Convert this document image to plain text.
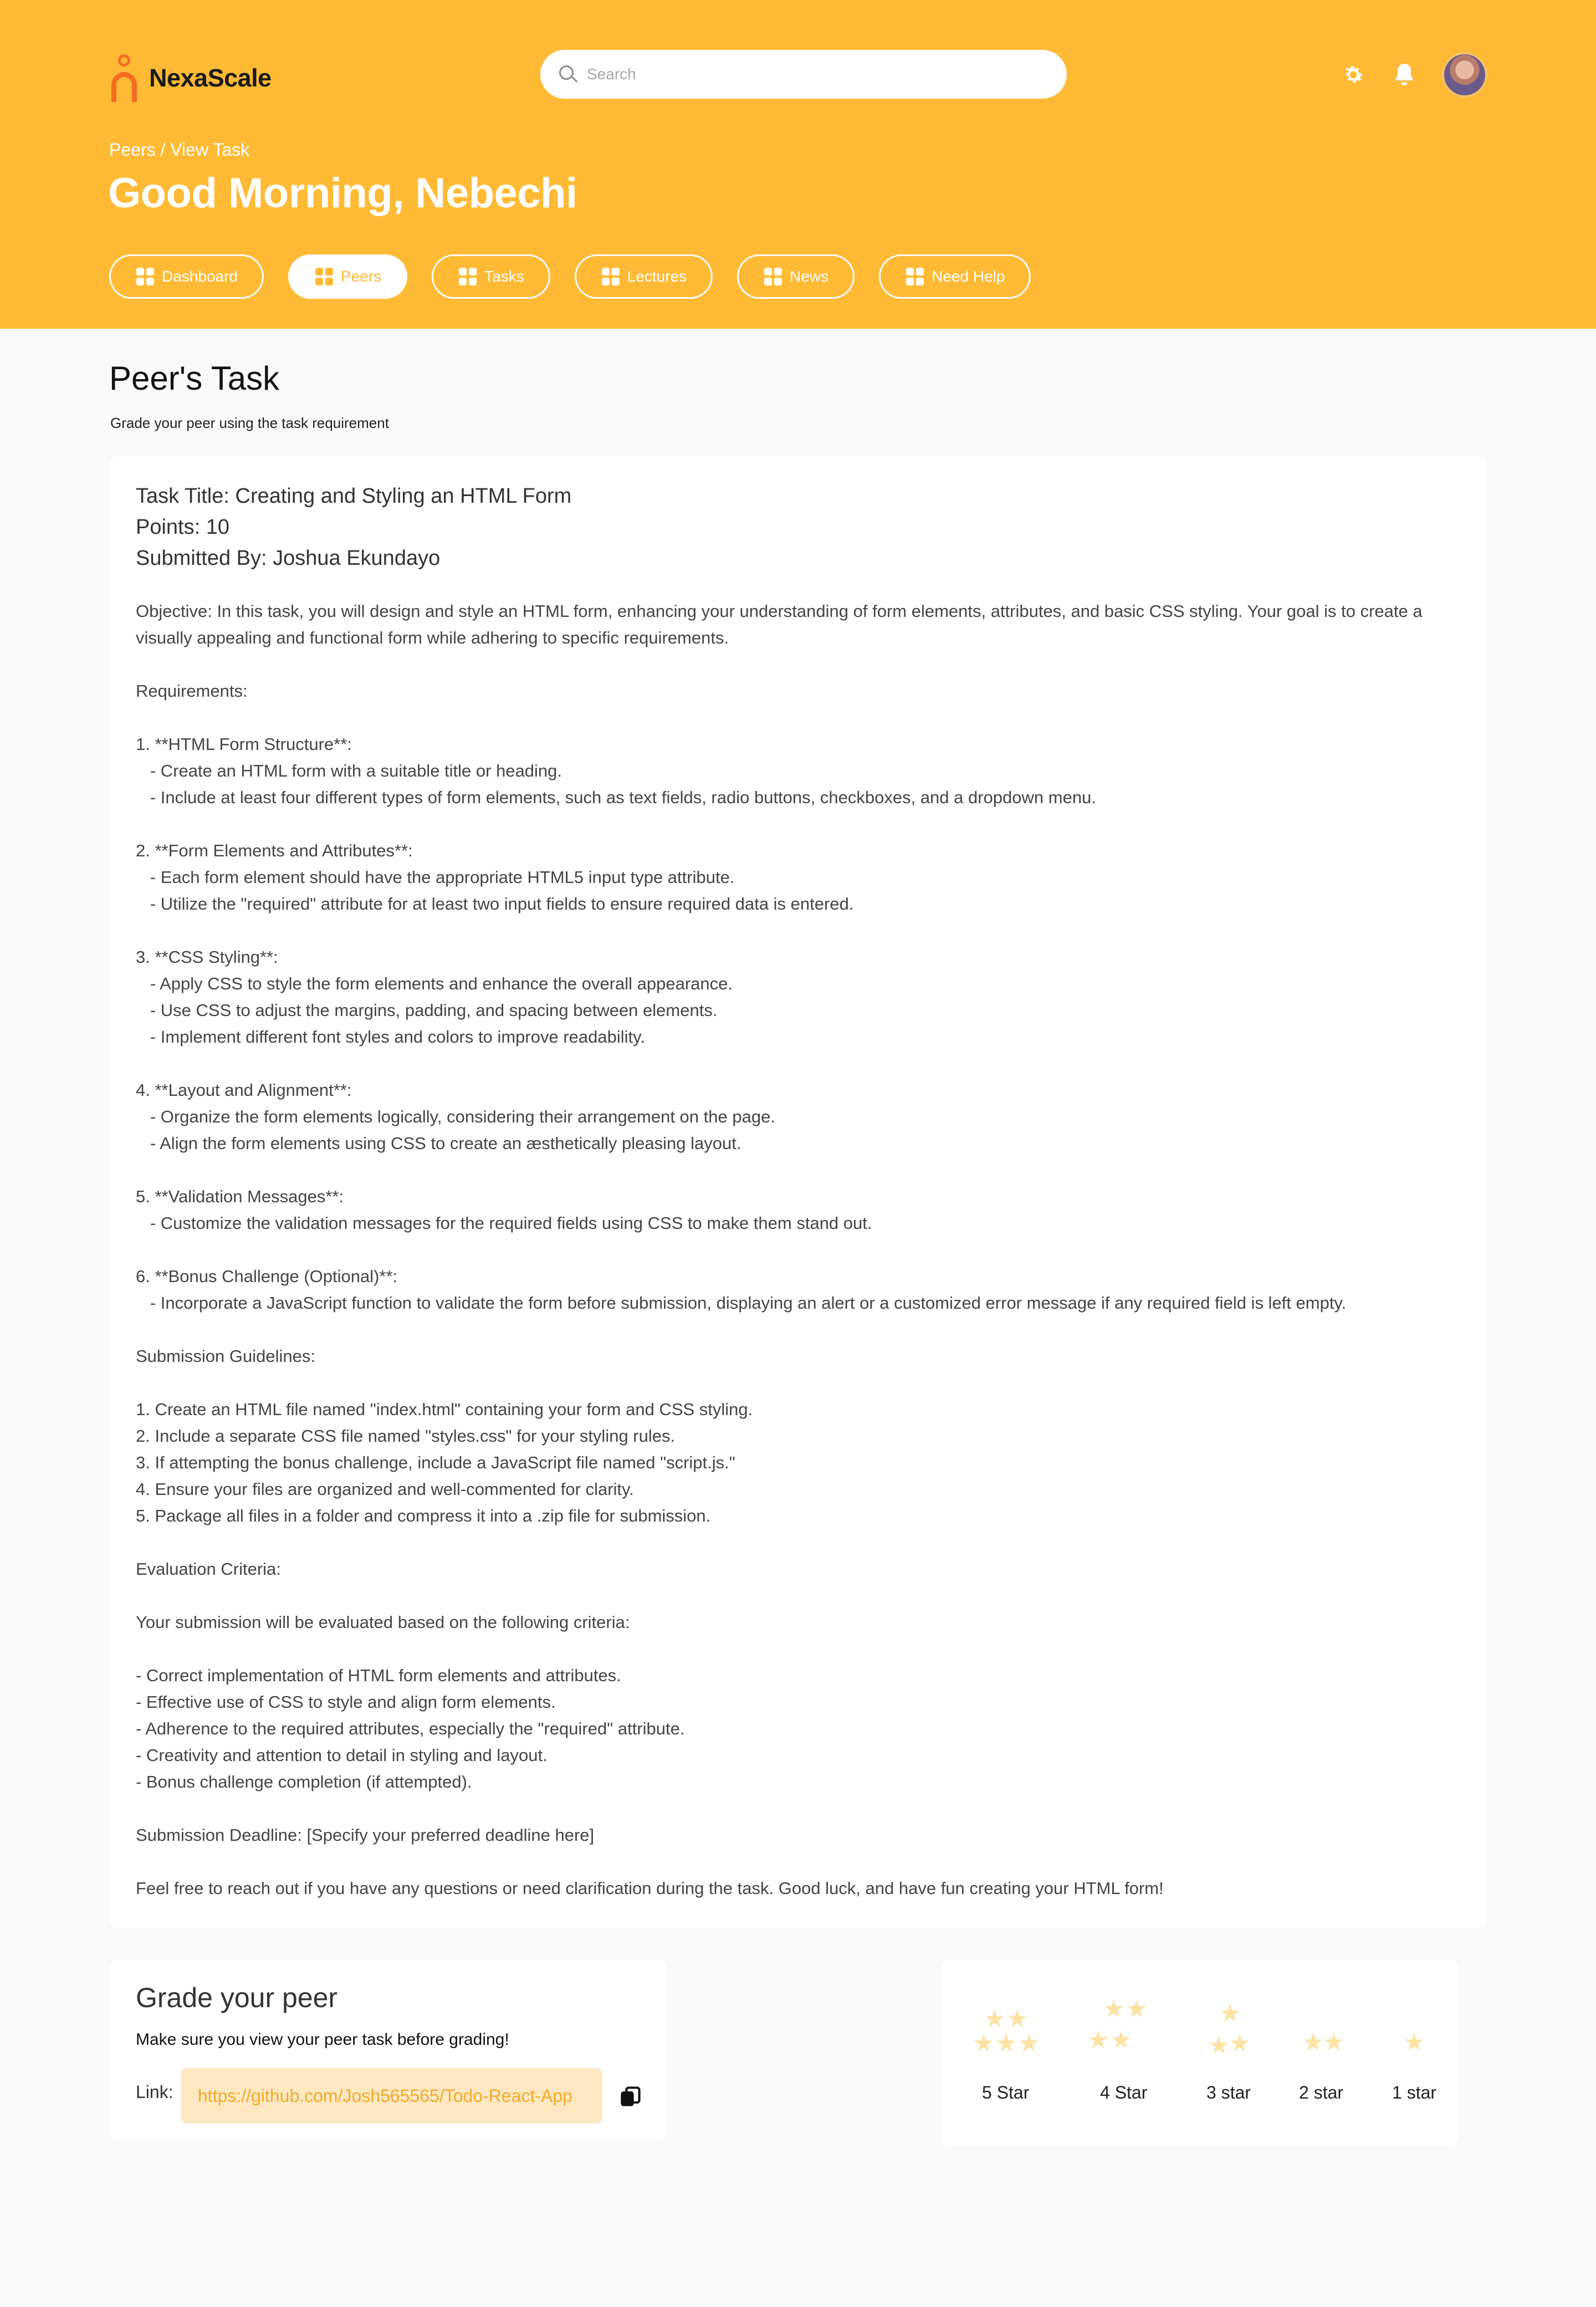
NexaScale
Search
Peers / View Task
Good Morning, Nebechi
Dashboard	Peers	Tasks	Lectures	News	Need Help
Peer's Task
Grade your peer using the task requirement
Task Title: Creating and Styling an HTML Form
Points: 10
Submitted By: Joshua Ekundayo
Objective: In this task, you will design and style an HTML form, enhancing your understanding of form elements, attributes, and basic CSS styling. Your goal is to create a visually appealing and functional form while adhering to specific requirements.

Requirements:

1. **HTML Form Structure**:
- Create an HTML form with a suitable title or heading.
- Include at least four different types of form elements, such as text fields, radio buttons, checkboxes, and a dropdown menu.

2. **Form Elements and Attributes**:
- Each form element should have the appropriate HTML5 input type attribute.
- Utilize the "required" attribute for at least two input fields to ensure required data is entered.

3. **CSS Styling**:
- Apply CSS to style the form elements and enhance the overall appearance.
- Use CSS to adjust the margins, padding, and spacing between elements.
- Implement different font styles and colors to improve readability.

4. **Layout and Alignment**:
- Organize the form elements logically, considering their arrangement on the page.
- Align the form elements using CSS to create an æsthetically pleasing layout.

5. **Validation Messages**:
- Customize the validation messages for the required fields using CSS to make them stand out.

6. **Bonus Challenge (Optional)**:
- Incorporate a JavaScript function to validate the form before submission, displaying an alert or a customized error message if any required field is left empty.

Submission Guidelines:

1. Create an HTML file named "index.html" containing your form and CSS styling.
2. Include a separate CSS file named "styles.css" for your styling rules.
3. If attempting the bonus challenge, include a JavaScript file named "script.js."
4. Ensure your files are organized and well-commented for clarity.
5. Package all files in a folder and compress it into a .zip file for submission.

Evaluation Criteria:

Your submission will be evaluated based on the following criteria:

- Correct implementation of HTML form elements and attributes.
- Effective use of CSS to style and align form elements.
- Adherence to the required attributes, especially the "required" attribute.
- Creativity and attention to detail in styling and layout.
- Bonus challenge completion (if attempted).

Submission Deadline: [Specify your preferred deadline here]

Feel free to reach out if you have any questions or need clarification during the task. Good luck, and have fun creating your HTML form!
Grade your peer
Make sure you view your peer task before grading!
Link:	https://github.com/Josh565565/Todo-React-App
★ ★
★ ★ ★
5 Star
★ ★
★ ★
4 Star
★
★
★
3 star
★
★
2 star
★
1 star
